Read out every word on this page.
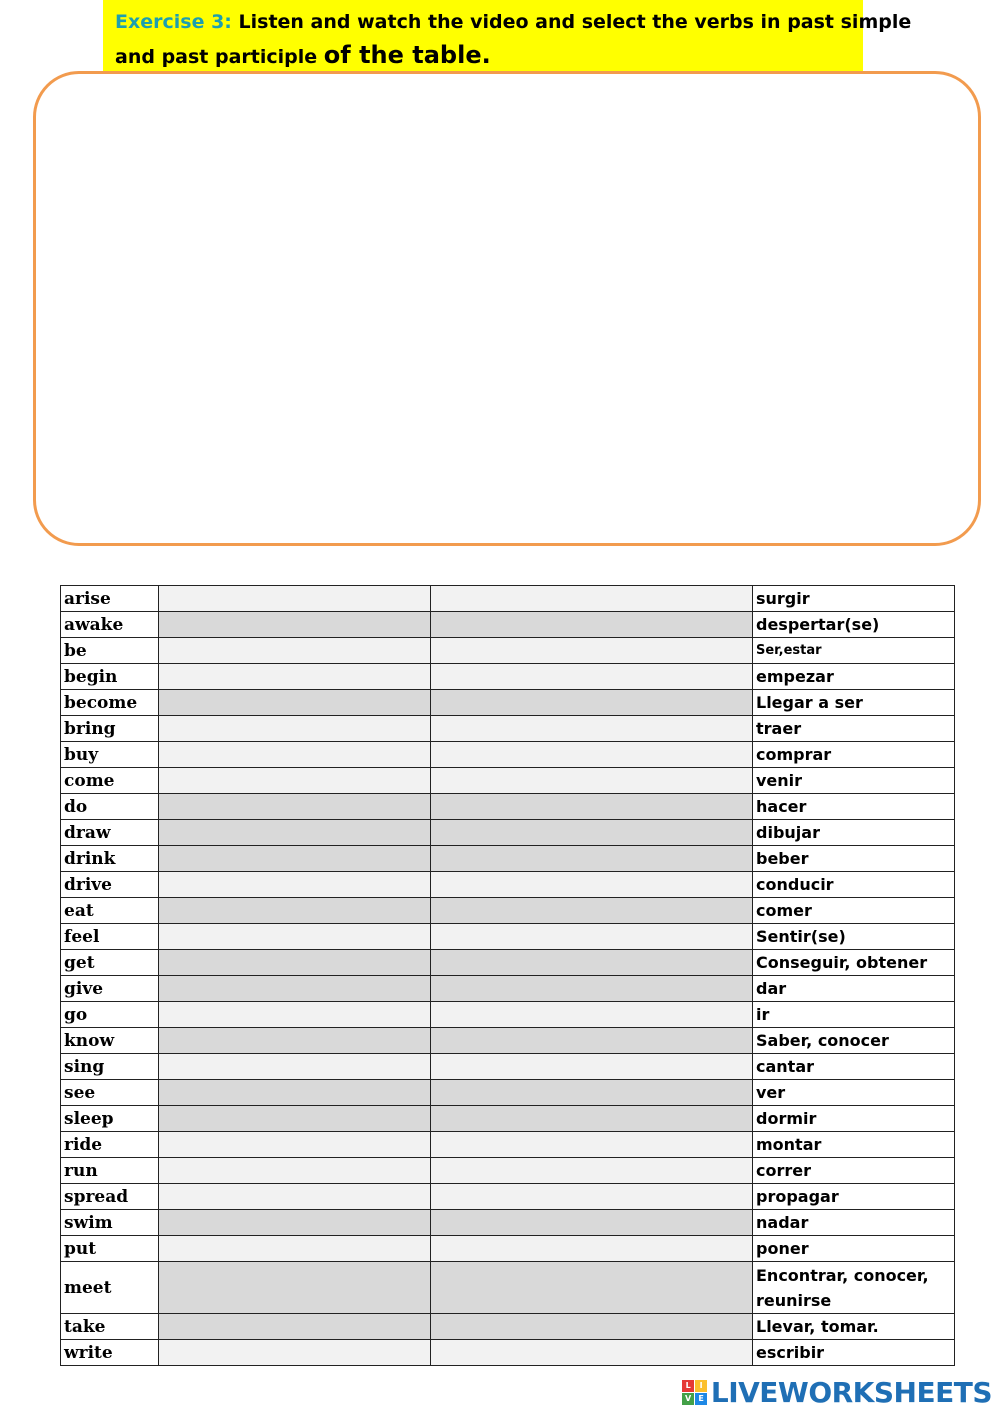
Exercise 3: Listen and watch the video and select the verbs in past simple
and past participle of the table.
arise			surgir
awake			despertar(se)
be			Ser,estar
begin			empezar
become			Llegar a ser
bring			traer
buy			comprar
come			venir
do			hacer
draw			dibujar
drink			beber
drive			conducir
eat			comer
feel			Sentir(se)
get			Conseguir, obtener
give			dar
go			ir
know			Saber, conocer
sing			cantar
see			ver
sleep			dormir
ride			montar
run			correr
spread			propagar
swim			nadar
put			poner
meet			Encontrar, conocer, reunirse
take			Llevar, tomar.
write			escribir
L	I
V E LIVEWORKSHEETS
